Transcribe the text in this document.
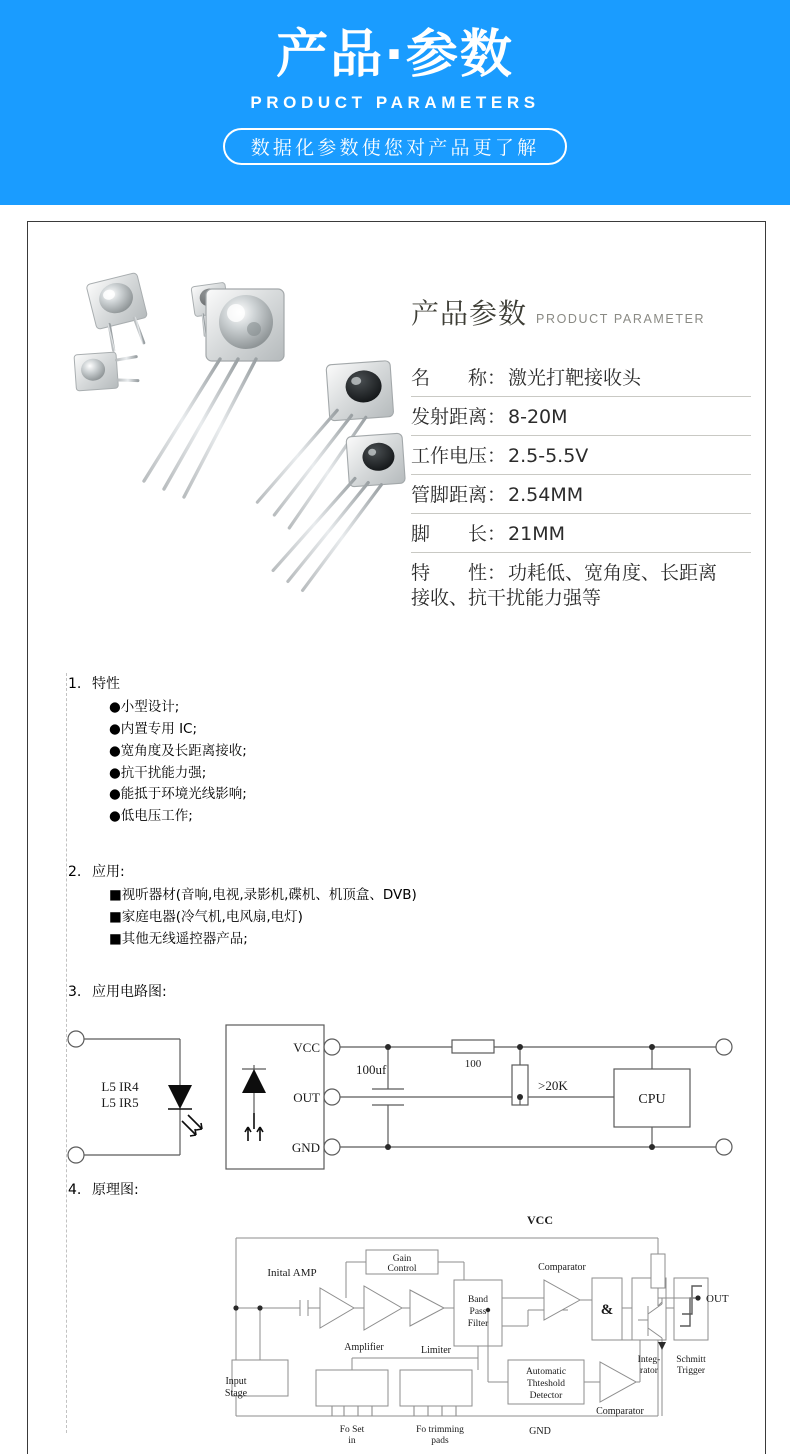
产品·参数
PRODUCT PARAMETERS
数据化参数使您对产品更了解
产品参数 PRODUCT PARAMETER
名　　称： 激光打靶接收头
发射距离： 8-20M
工作电压： 2.5-5.5V
管脚距离： 2.54MM
脚　　长： 21MM
特　　性： 功耗低、宽角度、长距离
接收、抗干扰能力强等
1. 特性
●小型设计;
●内置专用 IC;
●宽角度及长距离接收;
●抗干扰能力强;
●能抵于环境光线影响;
●低电压工作;
2. 应用:
■视听器材(音响,电视,录影机,碟机、机顶盒、DVB)
■家庭电器(冷气机,电风扇,电灯)
■其他无线遥控器产品;
3. 应用电路图:
L5 IR4
L5 IR5
VCC
OUT
GND
100uf	100
>20K
CPU
4. 原理图:
Input
Stage
Inital AMP
Amplifier
Gain
Control
Band
Pass
Filter
Limiter
Fo Set
in
Fo trimming
pads
Automatic
Thteshold
Detector
Comparator
Comparator
&
Integ-
rator
Schmitt
Trigger
VCC
GND
OUT
